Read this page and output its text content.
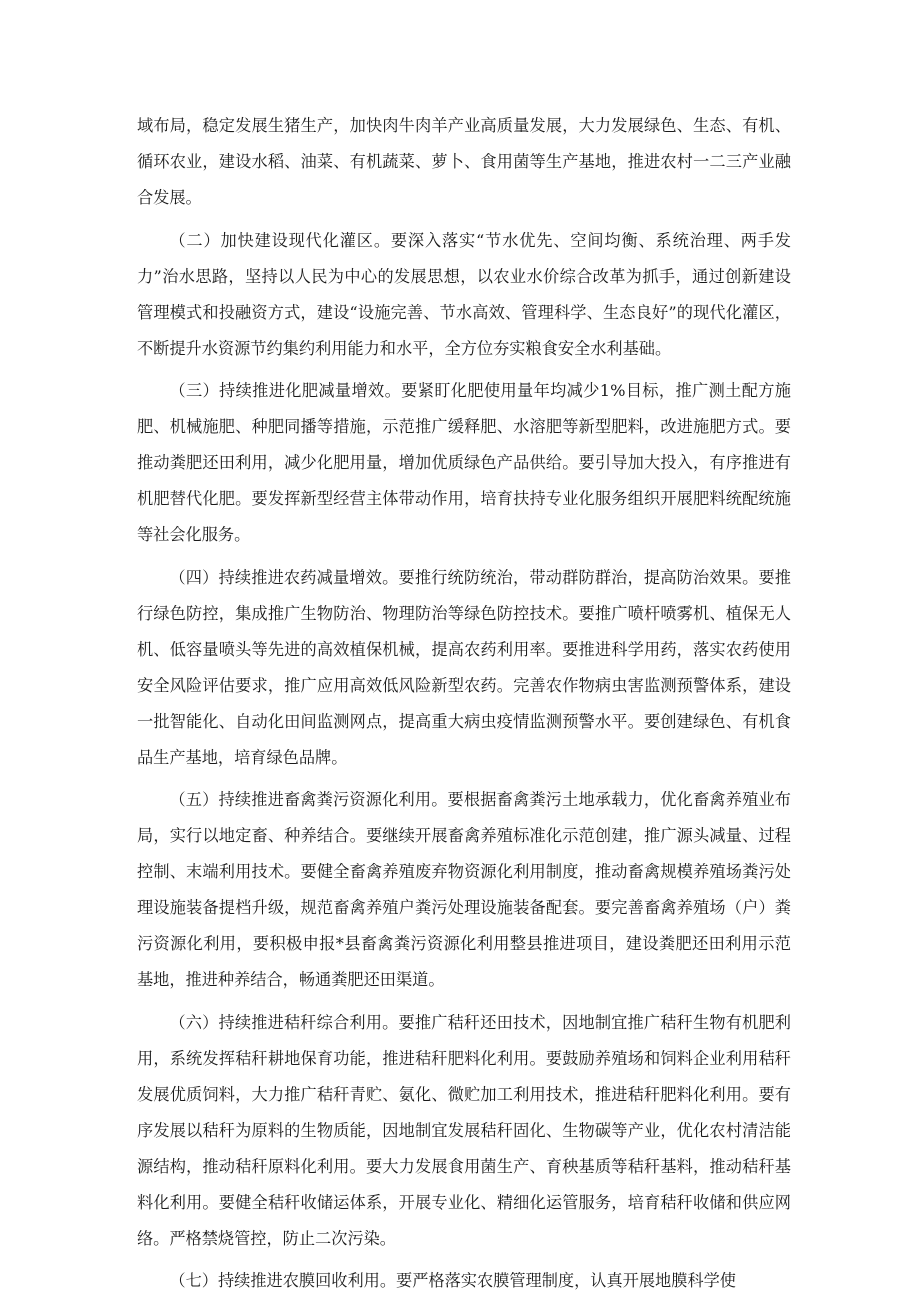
域布局，稳定发展生猪生产，加快肉牛肉羊产业高质量发展，大力发展绿色、生态、有机、循环农业，建设水稻、油菜、有机蔬菜、萝卜、食用菌等生产基地，推进农村一二三产业融合发展。

（二）加快建设现代化灌区。要深入落实“节水优先、空间均衡、系统治理、两手发力”治水思路，坚持以人民为中心的发展思想，以农业水价综合改革为抓手，通过创新建设管理模式和投融资方式，建设“设施完善、节水高效、管理科学、生态良好”的现代化灌区，不断提升水资源节约集约利用能力和水平，全方位夯实粮食安全水利基础。

（三）持续推进化肥减量增效。要紧盯化肥使用量年均减少1%目标，推广测土配方施肥、机械施肥、种肥同播等措施，示范推广缓释肥、水溶肥等新型肥料，改进施肥方式。要推动粪肥还田利用，减少化肥用量，增加优质绿色产品供给。要引导加大投入，有序推进有机肥替代化肥。要发挥新型经营主体带动作用，培育扶持专业化服务组织开展肥料统配统施等社会化服务。

（四）持续推进农药减量增效。要推行统防统治，带动群防群治，提高防治效果。要推行绿色防控，集成推广生物防治、物理防治等绿色防控技术。要推广喷杆喷雾机、植保无人机、低容量喷头等先进的高效植保机械，提高农药利用率。要推进科学用药，落实农药使用安全风险评估要求，推广应用高效低风险新型农药。完善农作物病虫害监测预警体系，建设一批智能化、自动化田间监测网点，提高重大病虫疫情监测预警水平。要创建绿色、有机食品生产基地，培育绿色品牌。

（五）持续推进畜禽粪污资源化利用。要根据畜禽粪污土地承载力，优化畜禽养殖业布局，实行以地定畜、种养结合。要继续开展畜禽养殖标准化示范创建，推广源头减量、过程控制、末端利用技术。要健全畜禽养殖废弃物资源化利用制度，推动畜禽规模养殖场粪污处理设施装备提档升级，规范畜禽养殖户粪污处理设施装备配套。要完善畜禽养殖场（户）粪污资源化利用，要积极申报*县畜禽粪污资源化利用整县推进项目，建设粪肥还田利用示范基地，推进种养结合，畅通粪肥还田渠道。

（六）持续推进秸秆综合利用。要推广秸秆还田技术，因地制宜推广秸秆生物有机肥利用，系统发挥秸秆耕地保育功能，推进秸秆肥料化利用。要鼓励养殖场和饲料企业利用秸秆发展优质饲料，大力推广秸秆青贮、氨化、微贮加工利用技术，推进秸秆肥料化利用。要有序发展以秸秆为原料的生物质能，因地制宜发展秸秆固化、生物碳等产业，优化农村清洁能源结构，推动秸秆原料化利用。要大力发展食用菌生产、育秧基质等秸秆基料，推动秸秆基料化利用。要健全秸秆收储运体系，开展专业化、精细化运管服务，培育秸秆收储和供应网络。严格禁烧管控，防止二次污染。

（七）持续推进农膜回收利用。要严格落实农膜管理制度，认真开展地膜科学使
